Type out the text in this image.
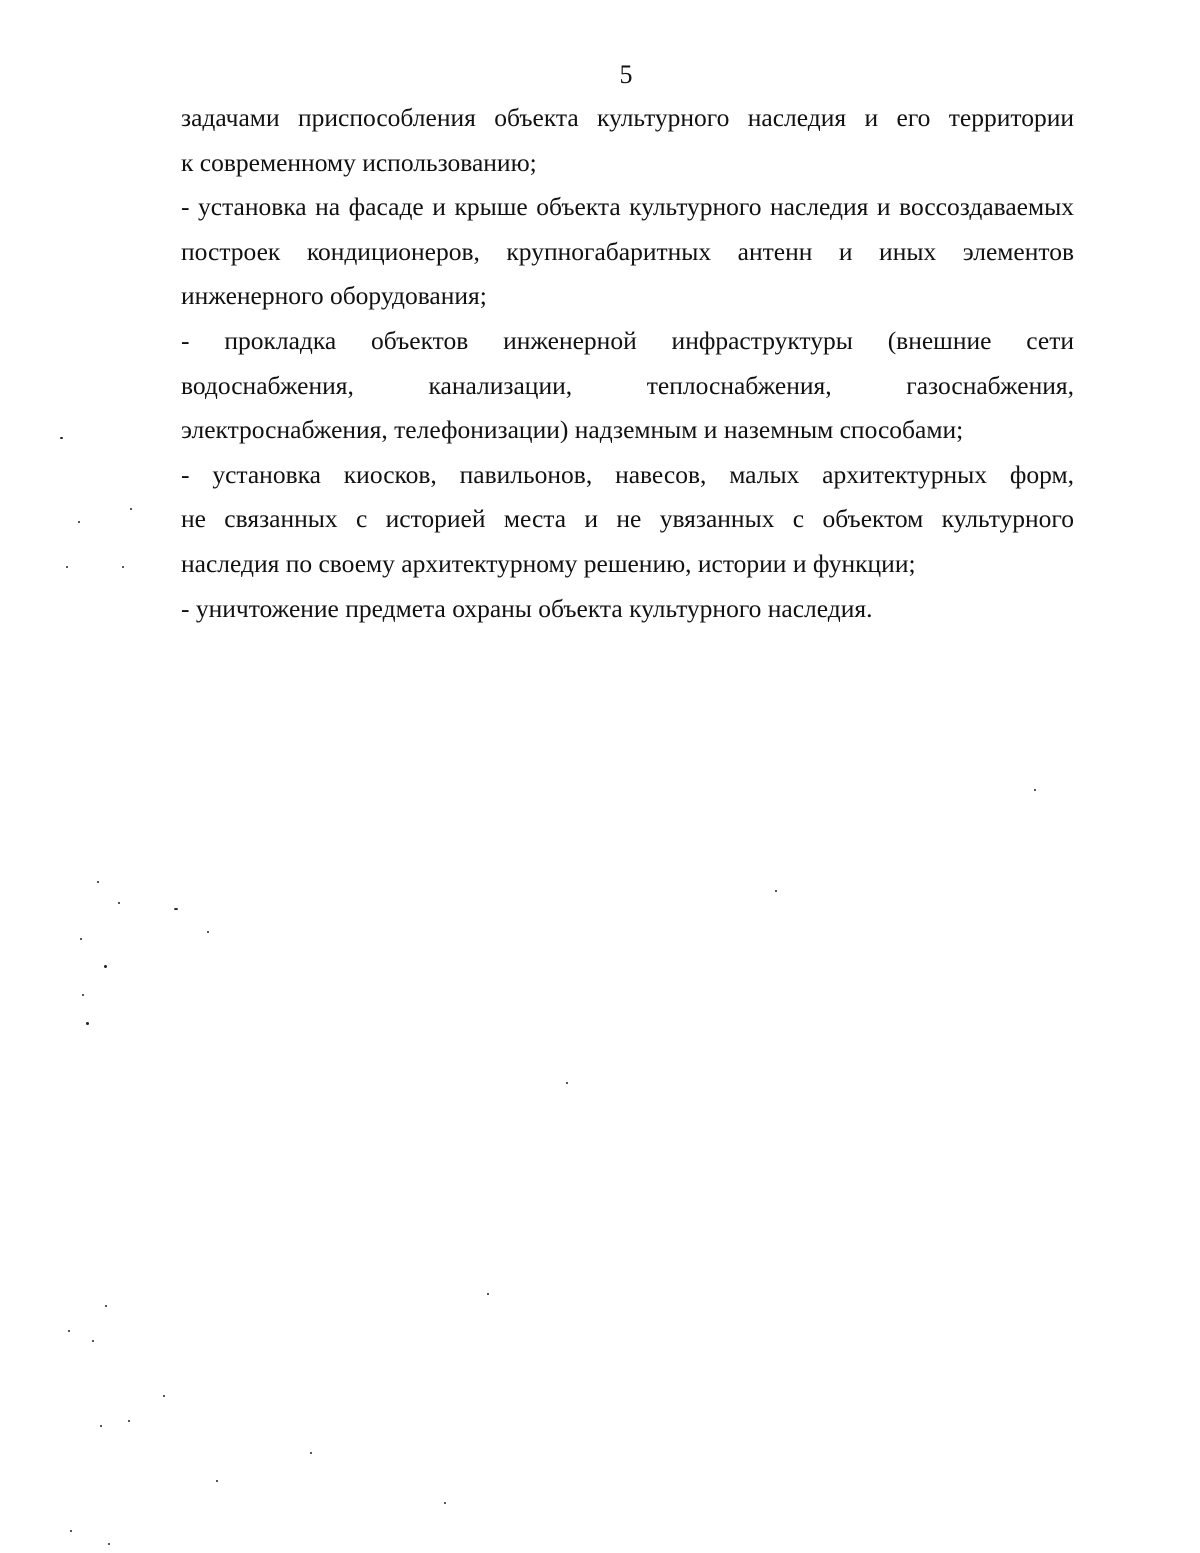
5
задачами приспособления объекта культурного наследия и его территории
к современному использованию;
- установка на фасаде и крыше объекта культурного наследия и воссоздаваемых
построек кондиционеров, крупногабаритных антенн и иных элементов
инженерного оборудования;
- прокладка объектов инженерной инфраструктуры (внешние сети
водоснабжения, канализации, теплоснабжения, газоснабжения,
электроснабжения, телефонизации) надземным и наземным способами;
- установка киосков, павильонов, навесов, малых архитектурных форм,
не связанных с историей места и не увязанных с объектом культурного
наследия по своему архитектурному решению, истории и функции;
- уничтожение предмета охраны объекта культурного наследия.
